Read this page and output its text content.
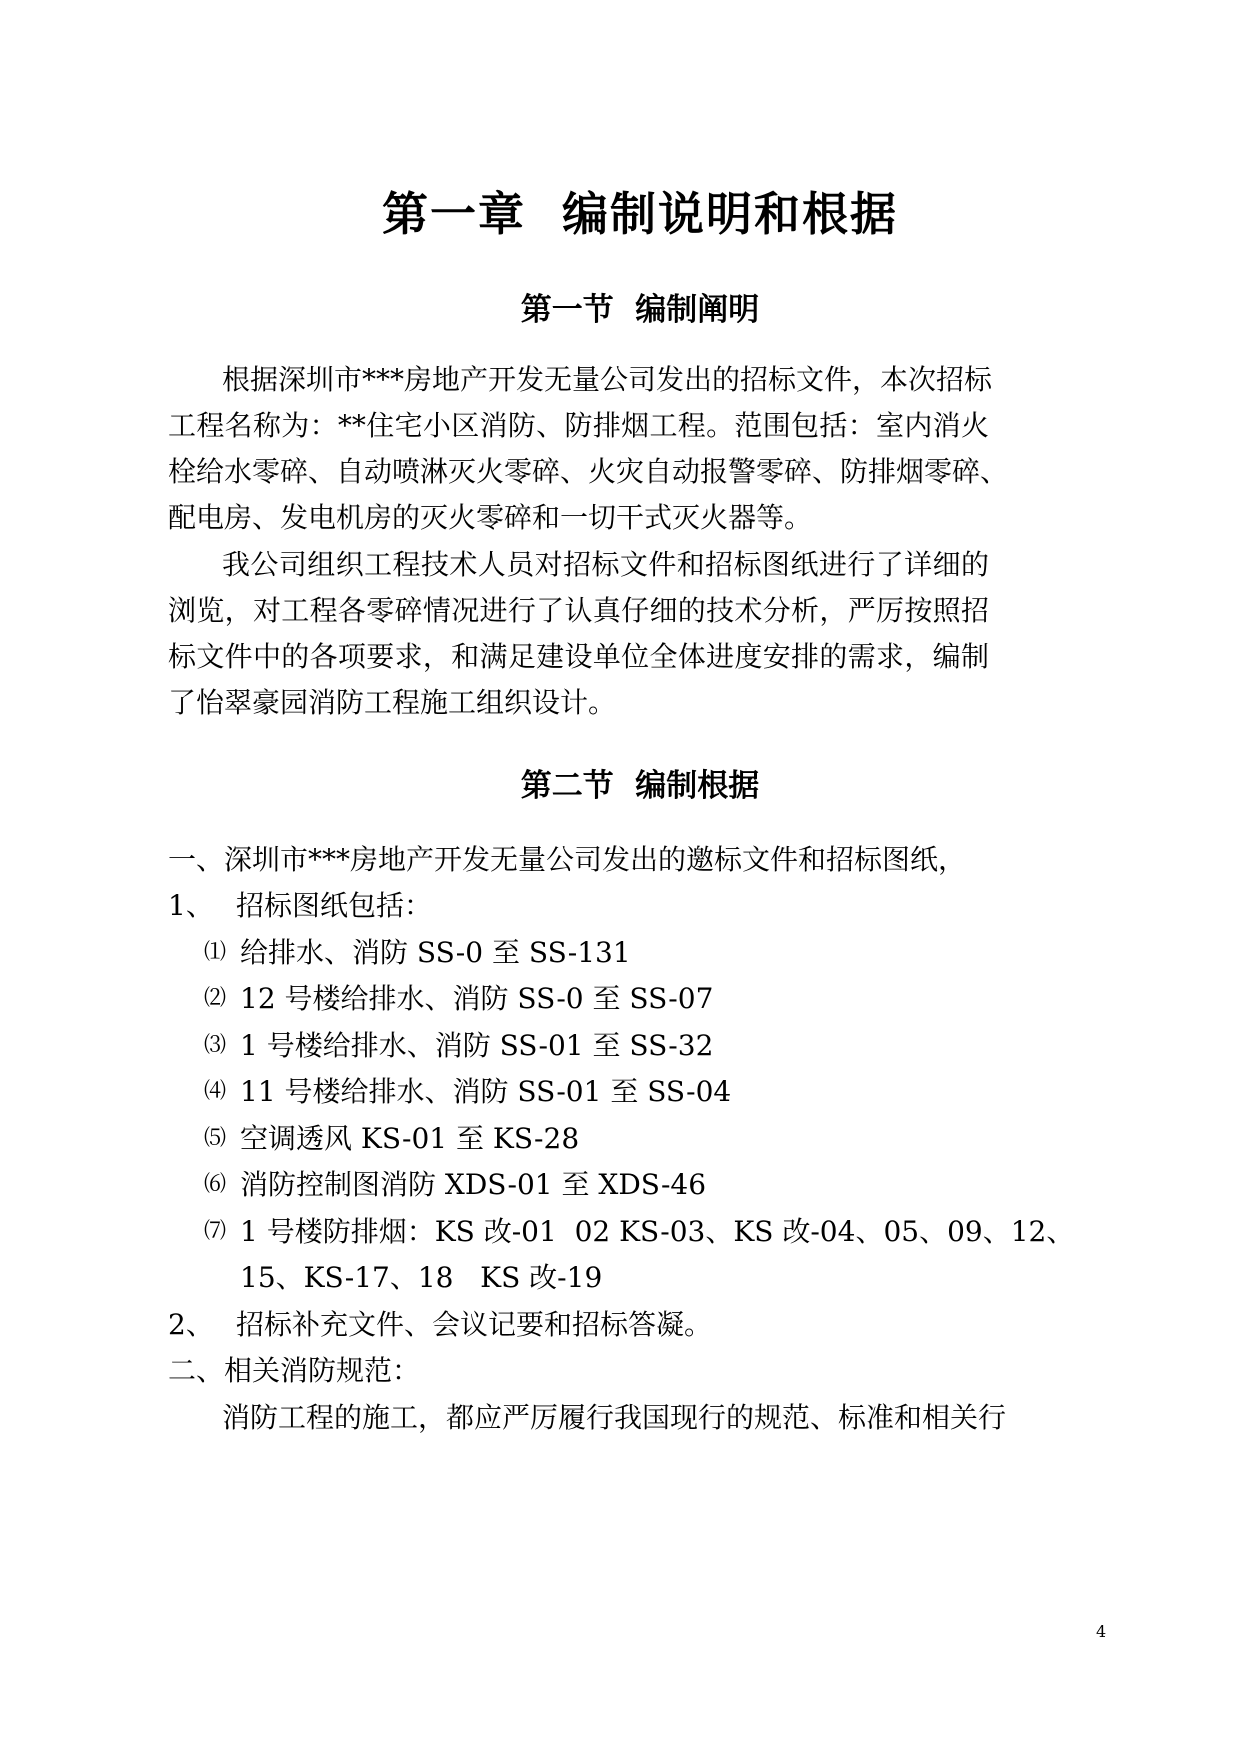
第一章  编制说明和根据
第一节  编制阐明
根据深圳市***房地产开发无量公司发出的招标文件，本次招标
工程名称为：**住宅小区消防、防排烟工程。范围包括：室内消火
栓给水零碎、自动喷淋灭火零碎、火灾自动报警零碎、防排烟零碎、
配电房、发电机房的灭火零碎和一切干式灭火器等。
我公司组织工程技术人员对招标文件和招标图纸进行了详细的
浏览，对工程各零碎情况进行了认真仔细的技术分析，严厉按照招
标文件中的各项要求，和满足建设单位全体进度安排的需求，编制
了怡翠豪园消防工程施工组织设计。
第二节  编制根据
一、深圳市***房地产开发无量公司发出的邀标文件和招标图纸，
1、 招标图纸包括：
⑴ 给排水、消防 SS-0 至 SS-131
⑵ 12 号楼给排水、消防 SS-0 至 SS-07
⑶ 1 号楼给排水、消防 SS-01 至 SS-32
⑷ 11 号楼给排水、消防 SS-01 至 SS-04
⑸ 空调透风 KS-01 至 KS-28
⑹ 消防控制图消防 XDS-01 至 XDS-46
⑺ 1 号楼防排烟：KS 改-01  02 KS-03、KS 改-04、05、09、12、
15、KS-17、18   KS 改-19
2、 招标补充文件、会议记要和招标答凝。
二、相关消防规范：
消防工程的施工，都应严厉履行我国现行的规范、标准和相关行
4
